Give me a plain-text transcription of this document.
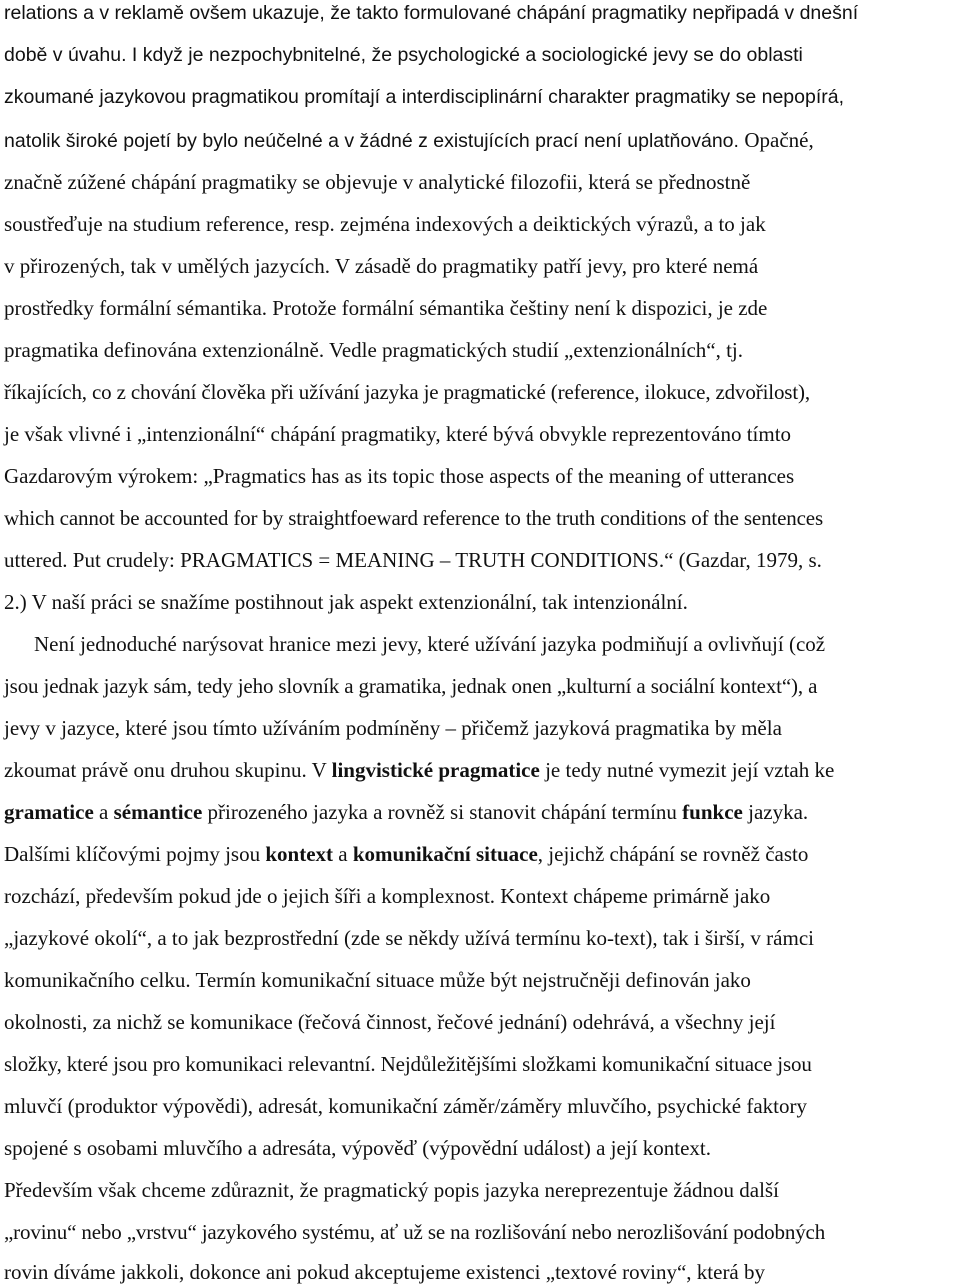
relations a v reklamě ovšem ukazuje, že takto formulované chápání pragmatiky nepřipadá v dnešní

době v úvahu. I když je nezpochybnitelné, že psychologické a sociologické jevy se do oblasti

zkoumané jazykovou pragmatikou promítají a interdisciplinární charakter pragmatiky se nepopírá,

natolik široké pojetí by bylo neúčelné a v žádné z existujících prací není uplatňováno. Opačné,

značně zúžené chápání pragmatiky se objevuje v analytické filozofii, která se přednostně

soustřeďuje na studium reference, resp. zejména indexových a deiktických výrazů, a to jak

v přirozených, tak v umělých jazycích. V zásadě do pragmatiky patří jevy, pro které nemá

prostředky formální sémantika. Protože formální sémantika češtiny není k dispozici, je zde

pragmatika definována extenzionálně. Vedle pragmatických studií „extenzionálních“, tj.

říkajících, co z chování člověka při užívání jazyka je pragmatické (reference, ilokuce, zdvořilost),

je však vlivné i „intenzionální“ chápání pragmatiky, které bývá obvykle reprezentováno tímto

Gazdarovým výrokem: „Pragmatics has as its topic those aspects of the meaning of utterances

which cannot be accounted for by straightfoeward reference to the truth conditions of the sentences

uttered. Put crudely: PRAGMATICS = MEANING – TRUTH CONDITIONS.“ (Gazdar, 1979, s.

2.) V naší práci se snažíme postihnout jak aspekt extenzionální, tak intenzionální.

Není jednoduché narýsovat hranice mezi jevy, které užívání jazyka podmiňují a ovlivňují (což

jsou jednak jazyk sám, tedy jeho slovník a gramatika, jednak onen „kulturní a sociální kontext“), a

jevy v jazyce, které jsou tímto užíváním podmíněny – přičemž jazyková pragmatika by měla

zkoumat právě onu druhou skupinu. V lingvistické pragmatice je tedy nutné vymezit její vztah ke

gramatice a sémantice přirozeného jazyka a rovněž si stanovit chápání termínu funkce jazyka.

Dalšími klíčovými pojmy jsou kontext a komunikační situace, jejichž chápání se rovněž často

rozchází, především pokud jde o jejich šíři a komplexnost. Kontext chápeme primárně jako

„jazykové okolí“, a to jak bezprostřední (zde se někdy užívá termínu ko-text), tak i širší, v rámci

komunikačního celku. Termín komunikační situace může být nejstručněji definován jako

okolnosti, za nichž se komunikace (řečová činnost, řečové jednání) odehrává, a všechny její

složky, které jsou pro komunikaci relevantní. Nejdůležitějšími složkami komunikační situace jsou

mluvčí (produktor výpovědi), adresát, komunikační záměr/záměry mluvčího, psychické faktory

spojené s osobami mluvčího a adresáta, výpověď (výpovědní událost) a její kontext.

Především však chceme zdůraznit, že pragmatický popis jazyka nereprezentuje žádnou další

„rovinu“ nebo „vrstvu“ jazykového systému, ať už se na rozlišování nebo nerozlišování podobných

rovin díváme jakkoli, dokonce ani pokud akceptujeme existenci „textové roviny“, která by
